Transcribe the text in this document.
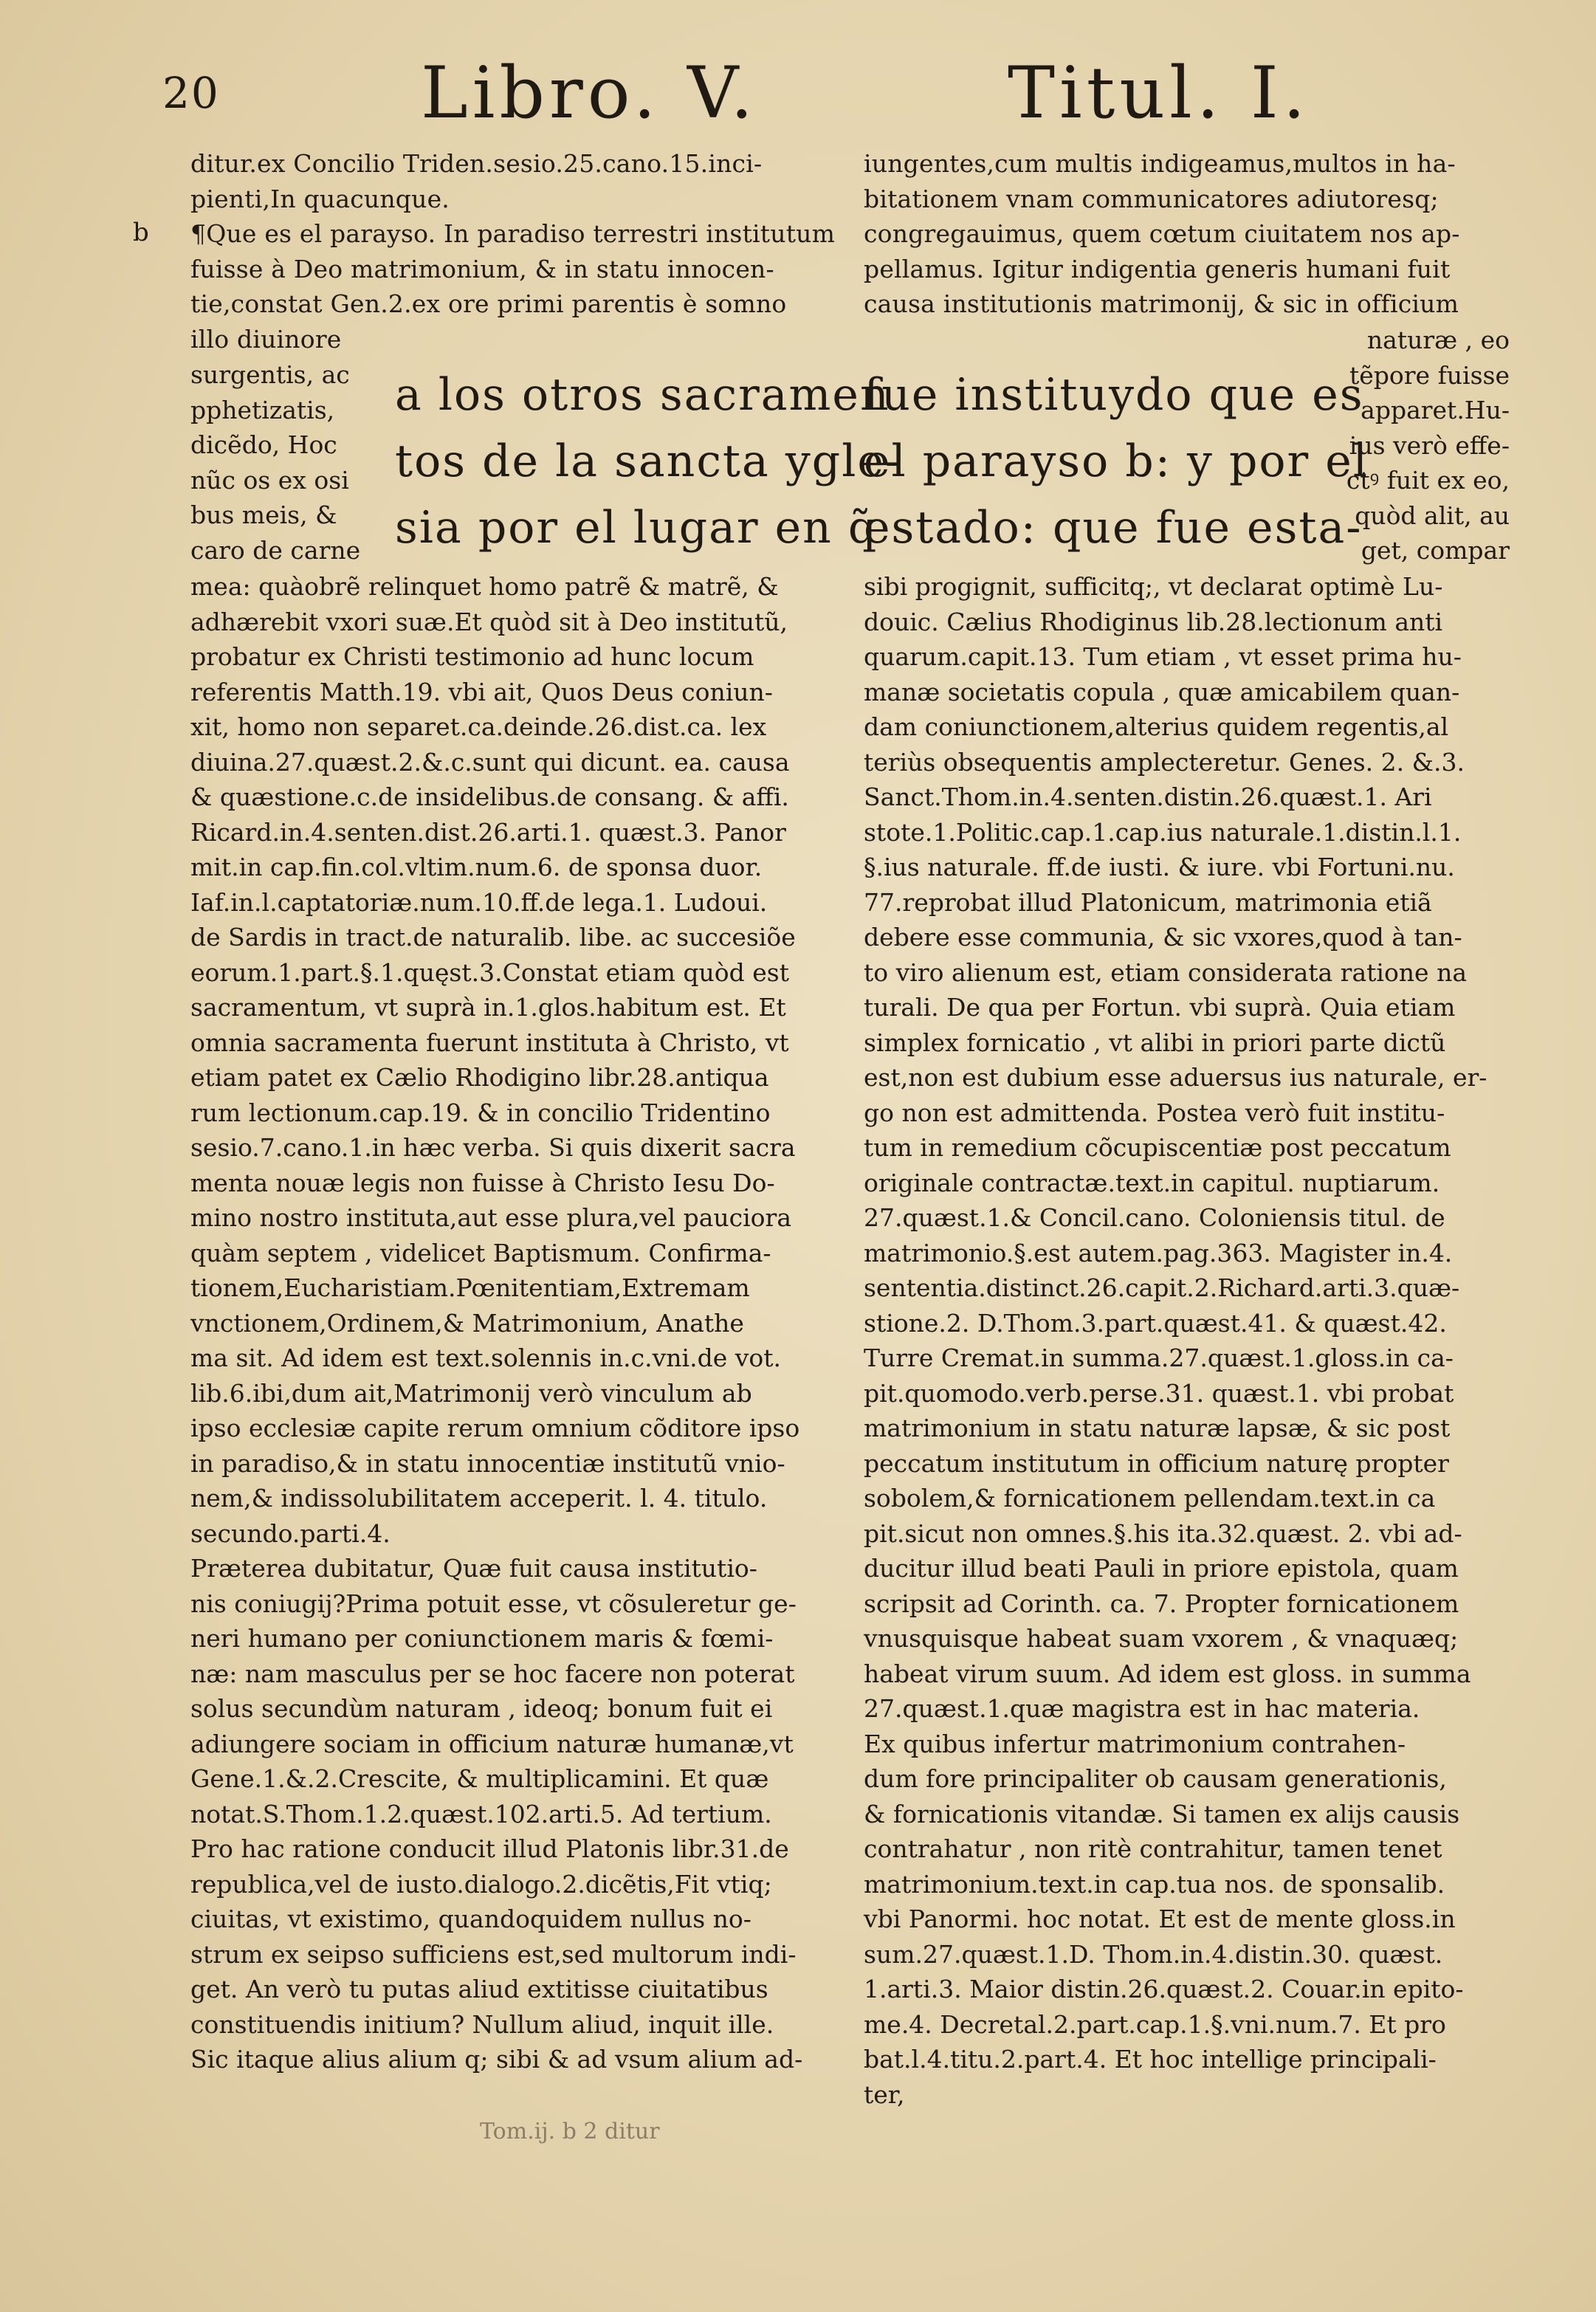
20	Libro. V.	Titul. I.
ditur.ex Concilio Triden.sesio.25.cano.15.inci-
pienti,In quacunque.
b ¶Que es el parayso. In paradiso terrestri institutum
fuisse à Deo matrimonium, & in statu innocen-
tie,constat Gen.2.ex ore primi parentis è somno
illo diuinore
surgentis, ac
pphetizatis,
dicẽdo, Hoc
nũc os ex osi
bus meis, &
caro de carne
a los otros sacramen
tos de la sancta ygle-
sia por el lugar en q̃
fue instituydo que es
el parayso b: y por el
estado: que fue esta-
iungentes,cum multis indigeamus,multos in ha-
bitationem vnam communicatores adiutoresq;
congregauimus, quem cœtum ciuitatem nos ap-
pellamus. Igitur indigentia generis humani fuit
causa institutionis matrimonij, & sic in officium
naturæ , eo
tẽpore fuisse
apparet.Hu-
ius verò effe-
ctꝰ fuit ex eo,
quòd alit, au
get, compar
mea: quàobrẽ relinquet homo patrẽ & matrẽ, &
adhærebit vxori suæ.Et quòd sit à Deo institutũ,
probatur ex Christi testimonio ad hunc locum
referentis Matth.19. vbi ait, Quos Deus coniun-
xit, homo non separet.ca.deinde.26.dist.ca. lex
diuina.27.quæst.2.&.c.sunt qui dicunt. ea. causa
& quæstione.c.de insidelibus.de consang. & affi.
Ricard.in.4.senten.dist.26.arti.1. quæst.3. Panor
mit.in cap.fin.col.vltim.num.6. de sponsa duor.
Iaf.in.l.captatoriæ.num.10.ff.de lega.1. Ludoui.
de Sardis in tract.de naturalib. libe. ac succesiõe
eorum.1.part.§.1.quęst.3.Constat etiam quòd est
sacramentum, vt suprà in.1.glos.habitum est. Et
omnia sacramenta fuerunt instituta à Christo, vt
etiam patet ex Cælio Rhodigino libr.28.antiqua
rum lectionum.cap.19. & in concilio Tridentino
sesio.7.cano.1.in hæc verba. Si quis dixerit sacra
menta nouæ legis non fuisse à Christo Iesu Do-
mino nostro instituta,aut esse plura,vel pauciora
quàm septem , videlicet Baptismum. Confirma-
tionem,Eucharistiam.Pœnitentiam,Extremam
vnctionem,Ordinem,& Matrimonium, Anathe
ma sit. Ad idem est text.solennis in.c.vni.de vot.
lib.6.ibi,dum ait,Matrimonij verò vinculum ab
ipso ecclesiæ capite rerum omnium cõditore ipso
in paradiso,& in statu innocentiæ institutũ vnio-
nem,& indissolubilitatem acceperit. l. 4. titulo.
secundo.parti.4.
Præterea dubitatur, Quæ fuit causa institutio-
nis coniugij?Prima potuit esse, vt cõsuleretur ge-
neri humano per coniunctionem maris & fœmi-
næ: nam masculus per se hoc facere non poterat
solus secundùm naturam , ideoq; bonum fuit ei
adiungere sociam in officium naturæ humanæ,vt
Gene.1.&.2.Crescite, & multiplicamini. Et quæ
notat.S.Thom.1.2.quæst.102.arti.5. Ad tertium.
Pro hac ratione conducit illud Platonis libr.31.de
republica,vel de iusto.dialogo.2.dicẽtis,Fit vtiq;
ciuitas, vt existimo, quandoquidem nullus no-
strum ex seipso sufficiens est,sed multorum indi-
get. An verò tu putas aliud extitisse ciuitatibus
constituendis initium? Nullum aliud, inquit ille.
Sic itaque alius alium q; sibi & ad vsum alium ad-
sibi progignit, sufficitq;, vt declarat optimè Lu-
douic. Cælius Rhodiginus lib.28.lectionum anti
quarum.capit.13. Tum etiam , vt esset prima hu-
manæ societatis copula , quæ amicabilem quan-
dam coniunctionem,alterius quidem regentis,al
teriùs obsequentis amplecteretur. Genes. 2. &.3.
Sanct.Thom.in.4.senten.distin.26.quæst.1. Ari
stote.1.Politic.cap.1.cap.ius naturale.1.distin.l.1.
§.ius naturale. ff.de iusti. & iure. vbi Fortuni.nu.
77.reprobat illud Platonicum, matrimonia etiã
debere esse communia, & sic vxores,quod à tan-
to viro alienum est, etiam considerata ratione na
turali. De qua per Fortun. vbi suprà. Quia etiam
simplex fornicatio , vt alibi in priori parte dictũ
est,non est dubium esse aduersus ius naturale, er-
go non est admittenda. Postea verò fuit institu-
tum in remedium cõcupiscentiæ post peccatum
originale contractæ.text.in capitul. nuptiarum.
27.quæst.1.& Concil.cano. Coloniensis titul. de
matrimonio.§.est autem.pag.363. Magister in.4.
sententia.distinct.26.capit.2.Richard.arti.3.quæ-
stione.2. D.Thom.3.part.quæst.41. & quæst.42.
Turre Cremat.in summa.27.quæst.1.gloss.in ca-
pit.quomodo.verb.perse.31. quæst.1. vbi probat
matrimonium in statu naturæ lapsæ, & sic post
peccatum institutum in officium naturę propter
sobolem,& fornicationem pellendam.text.in ca
pit.sicut non omnes.§.his ita.32.quæst. 2. vbi ad-
ducitur illud beati Pauli in priore epistola, quam
scripsit ad Corinth. ca. 7. Propter fornicationem
vnusquisque habeat suam vxorem , & vnaquæq;
habeat virum suum. Ad idem est gloss. in summa
27.quæst.1.quæ magistra est in hac materia.
Ex quibus infertur matrimonium contrahen-
dum fore principaliter ob causam generationis,
& fornicationis vitandæ. Si tamen ex alijs causis
contrahatur , non ritè contrahitur, tamen tenet
matrimonium.text.in cap.tua nos. de sponsalib.
vbi Panormi. hoc notat. Et est de mente gloss.in
sum.27.quæst.1.D. Thom.in.4.distin.30. quæst.
1.arti.3. Maior distin.26.quæst.2. Couar.in epito-
me.4. Decretal.2.part.cap.1.§.vni.num.7. Et pro
bat.l.4.titu.2.part.4. Et hoc intellige principali-
ter,
Tom.ij. b 2 ditur
